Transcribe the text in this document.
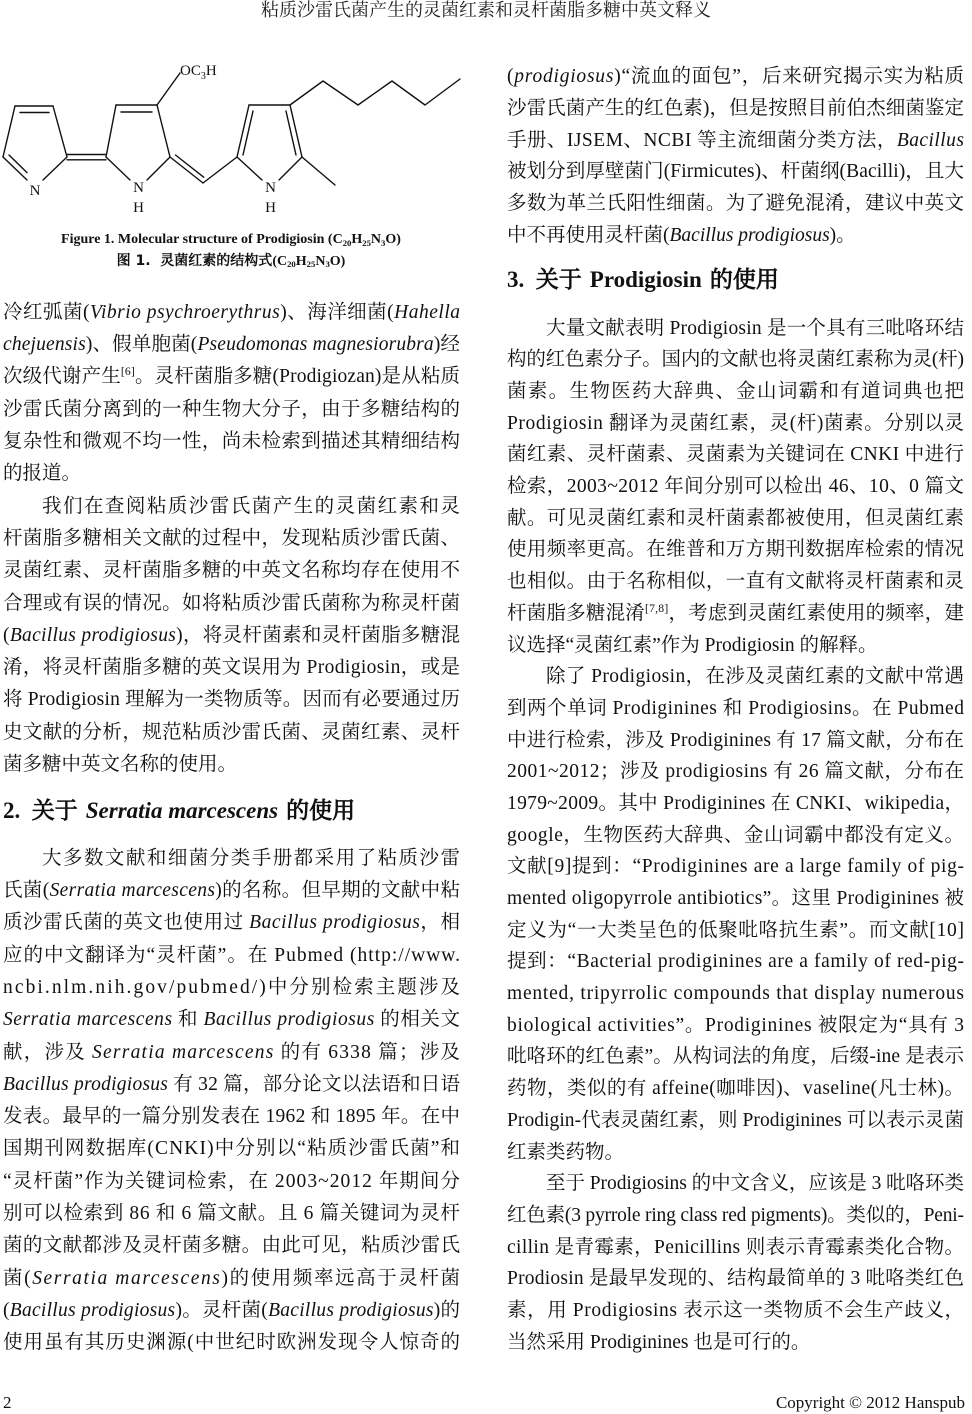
粘质沙雷氏菌产生的灵菌红素和灵杆菌脂多糖中英文释义
$OC_3H$
N	N
H
N
H
Figure 1. Molecular structure of Prodigiosin (C20H25N3O)
图 1.  灵菌红素的结构式(C20H25N3O)
冷红弧菌(Vibrio psychroerythrus)、海洋细菌(Hahella
chejuensis)、假单胞菌(Pseudomonas magnesiorubra)经
次级代谢产生[6]。灵杆菌脂多糖(Prodigiozan)是从粘质
沙雷氏菌分离到的一种生物大分子，由于多糖结构的
复杂性和微观不均一性，尚未检索到描述其精细结构
的报道。
我们在查阅粘质沙雷氏菌产生的灵菌红素和灵
杆菌脂多糖相关文献的过程中，发现粘质沙雷氏菌、
灵菌红素、灵杆菌脂多糖的中英文名称均存在使用不
合理或有误的情况。如将粘质沙雷氏菌称为称灵杆菌
(Bacillus prodigiosus)，将灵杆菌素和灵杆菌脂多糖混
淆，将灵杆菌脂多糖的英文误用为 Prodigiosin，或是
将 Prodigiosin 理解为一类物质等。因而有必要通过历
史文献的分析，规范粘质沙雷氏菌、灵菌红素、灵杆
菌多糖中英文名称的使用。
2.  关于 Serratia marcescens 的使用
大多数文献和细菌分类手册都采用了粘质沙雷
氏菌(Serratia marcescens)的名称。但早期的文献中粘
质沙雷氏菌的英文也使用过 Bacillus prodigiosus，相
应的中文翻译为“灵杆菌”。在 Pubmed (http://www.
ncbi.nlm.nih.gov/pubmed/)中分别检索主题涉及
Serratia marcescens 和 Bacillus prodigiosus 的相关文
献，涉及 Serratia marcescens 的有 6338 篇；涉及
Bacillus prodigiosus 有 32 篇，部分论文以法语和日语
发表。最早的一篇分别发表在 1962 和 1895 年。在中
国期刊网数据库(CNKI)中分别以“粘质沙雷氏菌”和
“灵杆菌”作为关键词检索，在 2003~2012 年期间分
别可以检索到 86 和 6 篇文献。且 6 篇关键词为灵杆
菌的文献都涉及灵杆菌多糖。由此可见，粘质沙雷氏
菌(Serratia marcescens)的使用频率远高于灵杆菌
(Bacillus prodigiosus)。灵杆菌(Bacillus prodigiosus)的
使用虽有其历史渊源(中世纪时欧洲发现令人惊奇的
(prodigiosus)“流血的面包”，后来研究揭示实为粘质
沙雷氏菌产生的红色素)，但是按照目前伯杰细菌鉴定
手册、IJSEM、NCBI 等主流细菌分类方法，Bacillus
被划分到厚壁菌门(Firmicutes)、杆菌纲(Bacilli)，且大
多数为革兰氏阳性细菌。为了避免混淆，建议中英文
中不再使用灵杆菌(Bacillus prodigiosus)。
3.  关于 Prodigiosin 的使用
大量文献表明 Prodigiosin 是一个具有三吡咯环结
构的红色素分子。国内的文献也将灵菌红素称为灵(杆)
菌素。生物医药大辞典、金山词霸和有道词典也把
Prodigiosin 翻译为灵菌红素，灵(杆)菌素。分别以灵
菌红素、灵杆菌素、灵菌素为关键词在 CNKI 中进行
检索，2003~2012 年间分别可以检出 46、10、0 篇文
献。可见灵菌红素和灵杆菌素都被使用，但灵菌红素
使用频率更高。在维普和万方期刊数据库检索的情况
也相似。由于名称相似，一直有文献将灵杆菌素和灵
杆菌脂多糖混淆[7,8]，考虑到灵菌红素使用的频率，建
议选择“灵菌红素”作为 Prodigiosin 的解释。
除了 Prodigiosin，在涉及灵菌红素的文献中常遇
到两个单词 Prodiginines 和 Prodigiosins。在 Pubmed
中进行检索，涉及 Prodiginines 有 17 篇文献，分布在
2001~2012；涉及 prodigiosins 有 26 篇文献，分布在
1979~2009。其中 Prodiginines 在 CNKI、wikipedia，
google，生物医药大辞典、金山词霸中都没有定义。
文献[9]提到：“Prodiginines are a large family of pig-
mented oligopyrrole antibiotics”。这里 Prodiginines 被
定义为“一大类呈色的低聚吡咯抗生素”。而文献[10]
提到：“Bacterial prodiginines are a family of red-pig-
mented, tripyrrolic compounds that display numerous
biological activities”。Prodiginines 被限定为“具有 3
吡咯环的红色素”。从构词法的角度，后缀-ine 是表示
药物，类似的有 affeine(咖啡因)、vaseline(凡士林)。
Prodigin-代表灵菌红素，则 Prodiginines 可以表示灵菌
红素类药物。
至于 Prodigiosins 的中文含义，应该是 3 吡咯环类
红色素(3 pyrrole ring class red pigments)。类似的，Peni-
cillin 是青霉素，Penicillins 则表示青霉素类化合物。
Prodiosin 是最早发现的、结构最简单的 3 吡咯类红色
素，用 Prodigiosins 表示这一类物质不会生产歧义，
当然采用 Prodiginines 也是可行的。
2	Copyright © 2012 Hanspub
